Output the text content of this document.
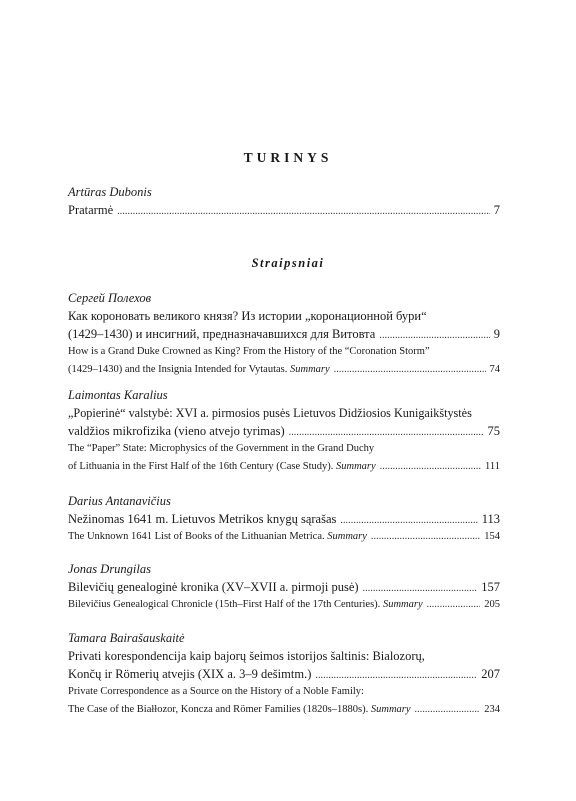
TURINYS
Artūras Dubonis
Pratarmė . . .	7
Straipsniai
Сергей Полехов
Как короновать великого князя? Из истории „коронационной бури“
(1429–1430) и инсигний, предназначавшихся для Витовта . . .	9
How is a Grand Duke Crowned as King? From the History of the “Coronation Storm”
(1429–1430) and the Insignia Intended for Vytautas. Summary . . .	74
Laimontas Karalius
„Popierinė“ valstybė: XVI a. pirmosios pusės Lietuvos Didžiosios Kunigaikštystės
valdžios mikrofizika (vieno atvejo tyrimas) . . .	75
The “Paper” State: Microphysics of the Government in the Grand Duchy
of Lithuania in the First Half of the 16th Century (Case Study). Summary . . .	111
Darius Antanavičius
Nežinomas 1641 m. Lietuvos Metrikos knygų sąrašas . . .	113
The Unknown 1641 List of Books of the Lithuanian Metrica. Summary . . .	154
Jonas Drungilas
Bilevičių genealoginė kronika (XV–XVII a. pirmoji pusė) . . .	157
Bilevičius Genealogical Chronicle (15th–First Half of the 17th Centuries). Summary . . .	205
Tamara Bairašauskaitė
Privati korespondencija kaip bajorų šeimos istorijos šaltinis: Bialozorų,
Končų ir Römerių atvejis (XIX a. 3–9 dešimtm.) . . .	207
Private Correspondence as a Source on the History of a Noble Family:
The Case of the Białłozor, Koncza and Römer Families (1820s–1880s). Summary . . .	234
